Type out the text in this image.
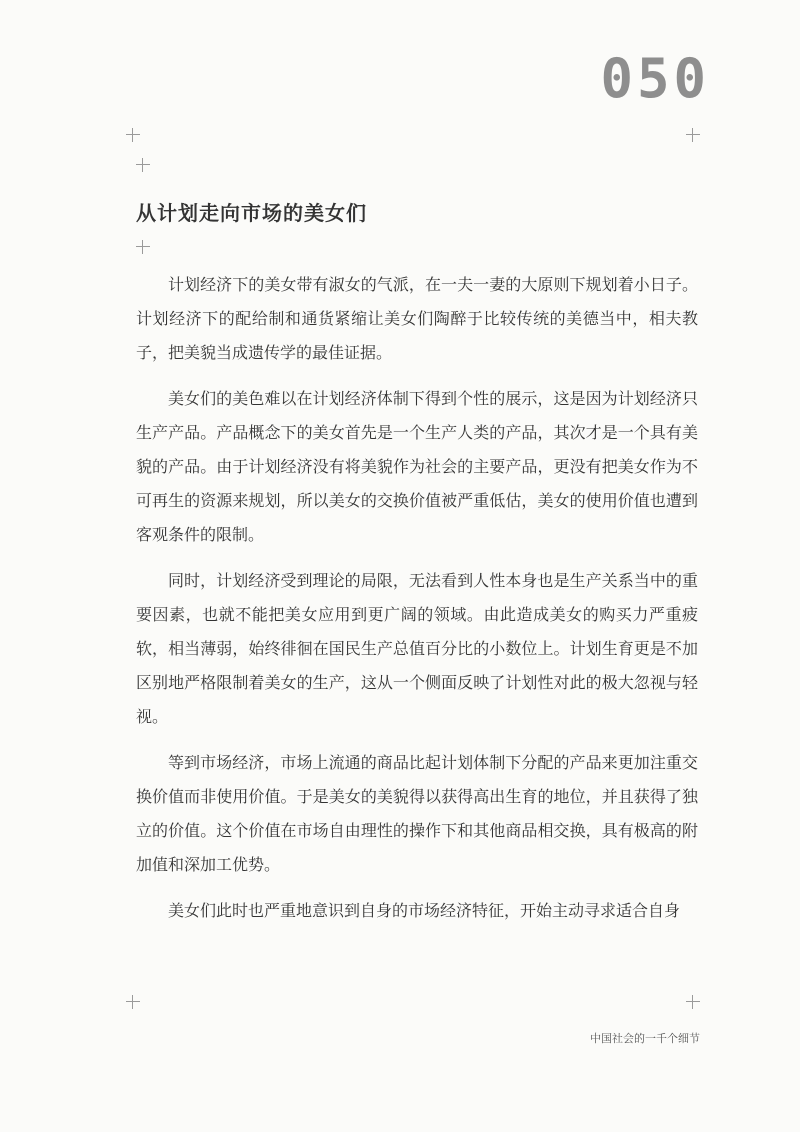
050
从计划走向市场的美女们

计划经济下的美女带有淑女的气派，在一夫一妻的大原则下规划着小日子。计划经济下的配给制和通货紧缩让美女们陶醉于比较传统的美德当中，相夫教子，把美貌当成遗传学的最佳证据。

美女们的美色难以在计划经济体制下得到个性的展示，这是因为计划经济只生产产品。产品概念下的美女首先是一个生产人类的产品，其次才是一个具有美貌的产品。由于计划经济没有将美貌作为社会的主要产品，更没有把美女作为不可再生的资源来规划，所以美女的交换价值被严重低估，美女的使用价值也遭到客观条件的限制。

同时，计划经济受到理论的局限，无法看到人性本身也是生产关系当中的重要因素，也就不能把美女应用到更广阔的领域。由此造成美女的购买力严重疲软，相当薄弱，始终徘徊在国民生产总值百分比的小数位上。计划生育更是不加区别地严格限制着美女的生产，这从一个侧面反映了计划性对此的极大忽视与轻视。

等到市场经济，市场上流通的商品比起计划体制下分配的产品来更加注重交换价值而非使用价值。于是美女的美貌得以获得高出生育的地位，并且获得了独立的价值。这个价值在市场自由理性的操作下和其他商品相交换，具有极高的附加值和深加工优势。

美女们此时也严重地意识到自身的市场经济特征，开始主动寻求适合自身

中国社会的一千个细节
